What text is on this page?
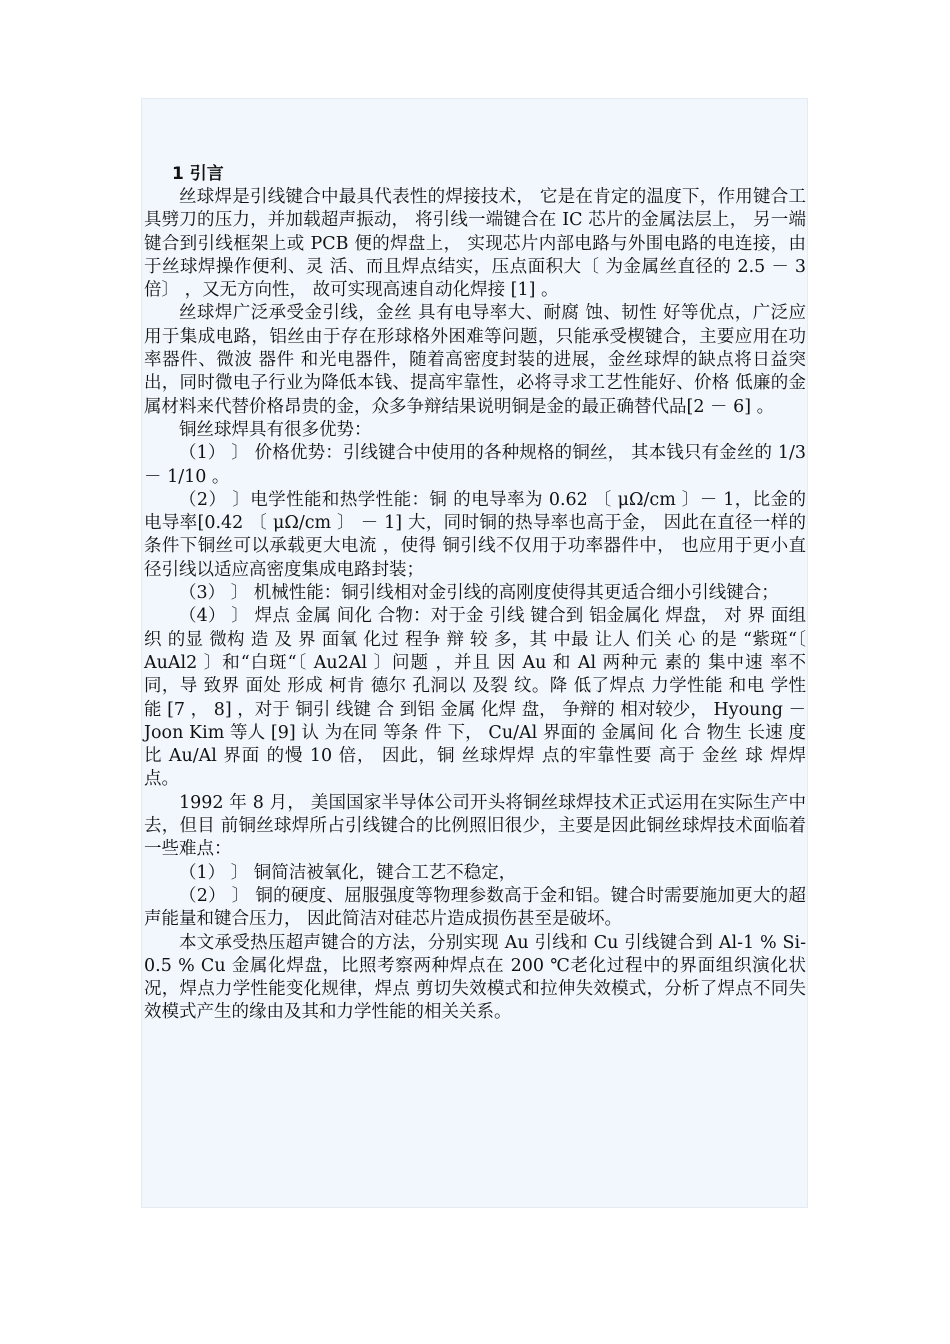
1 引言

丝球焊是引线键合中最具代表性的焊接技术， 它是在肯定的温度下，作用键合工具劈刀的压力，并加载超声振动， 将引线一端键合在 IC 芯片的金属法层上， 另一端键合到引线框架上或 PCB 便的焊盘上， 实现芯片内部电路与外围电路的电连接，由于丝球焊操作便利、灵 活、而且焊点结实，压点面积大〔 为金属丝直径的 2.5 － 3 倍〕 ，又无方向性， 故可实现高速自动化焊接 [1] 。

丝球焊广泛承受金引线，金丝 具有电导率大、耐腐 蚀、韧性 好等优点，广泛应用于集成电路，铝丝由于存在形球格外困难等问题，只能承受楔键合，主要应用在功率器件、微波 器件 和光电器件，随着高密度封装的进展，金丝球焊的缺点将日益突出，同时微电子行业为降低本钱、提高牢靠性，必将寻求工艺性能好、价格 低廉的金属材料来代替价格昂贵的金，众多争辩结果说明铜是金的最正确替代品[2 － 6] 。

铜丝球焊具有很多优势：

（1） 〕 价格优势：引线键合中使用的各种规格的铜丝， 其本钱只有金丝的 1/3 － 1/10 。

（2） 〕电学性能和热学性能：铜 的电导率为 0.62 〔 μΩ/cm 〕－ 1，比金的电导率[0.42 〔 μΩ/cm 〕 － 1] 大，同时铜的热导率也高于金， 因此在直径一样的条件下铜丝可以承载更大电流 ，使得 铜引线不仅用于功率器件中， 也应用于更小直径引线以适应高密度集成电路封装；

（3） 〕 机械性能：铜引线相对金引线的高刚度使得其更适合细小引线键合；

（4） 〕 焊点 金属 间化 合物：对于金 引线 键合到 铝金属化 焊盘， 对 界 面组织 的显 微构 造 及 界 面氧 化过 程争 辩 较 多，其 中最 让人 们关 心 的是 “紫斑“〔 AuAl2 〕和“白斑“〔 Au2Al 〕问题 ，并且 因 Au 和 Al 两种元 素的 集中速 率不 同，导 致界 面处 形成 柯肯 德尔 孔洞以 及裂 纹。降 低了焊点 力学性能 和电 学性 能 [7 ， 8] ，对于 铜引 线键 合 到铝 金属 化焊 盘， 争辩的 相对较少， Hyoung － Joon Kim 等人 [9] 认 为在同 等条 件 下， Cu/Al 界面的 金属间 化 合 物生 长速 度比 Au/Al 界面 的慢 10 倍， 因此，铜 丝球焊焊 点的牢靠性要 高于 金丝 球 焊焊 点。

1992 年 8 月， 美国国家半导体公司开头将铜丝球焊技术正式运用在实际生产中去，但目 前铜丝球焊所占引线键合的比例照旧很少，主要是因此铜丝球焊技术面临着一些难点：

（1） 〕 铜简洁被氧化，键合工艺不稳定，

（2） 〕 铜的硬度、屈服强度等物理参数高于金和铝。键合时需要施加更大的超声能量和键合压力， 因此简洁对硅芯片造成损伤甚至是破坏。

本文承受热压超声键合的方法，分别实现 Au 引线和 Cu 引线键合到 Al-1 % Si-0.5 % Cu 金属化焊盘，比照考察两种焊点在 200 ℃老化过程中的界面组织演化状况，焊点力学性能变化规律，焊点 剪切失效模式和拉伸失效模式，分析了焊点不同失效模式产生的缘由及其和力学性能的相关关系。
